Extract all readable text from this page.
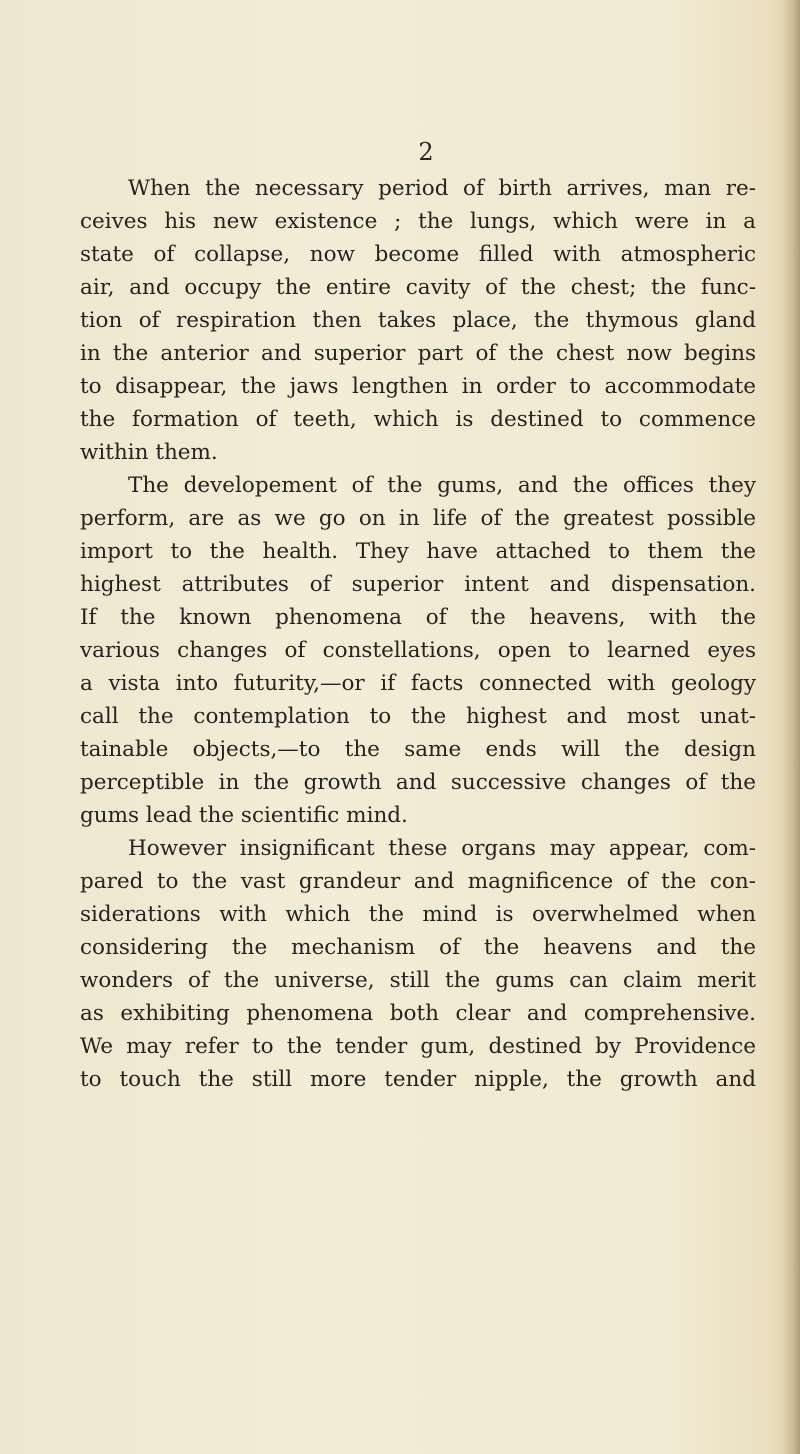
2
When the necessary period of birth arrives, man re-
ceives his new existence ; the lungs, which were in a
state of collapse, now become filled with atmospheric
air, and occupy the entire cavity of the chest; the func-
tion of respiration then takes place, the thymous gland
in the anterior and superior part of the chest now begins
to disappear, the jaws lengthen in order to accommodate
the formation of teeth, which is destined to commence
within them.
The developement of the gums, and the offices they
perform, are as we go on in life of the greatest possible
import to the health. They have attached to them the
highest attributes of superior intent and dispensation.
If the known phenomena of the heavens, with the
various changes of constellations, open to learned eyes
a vista into futurity,—or if facts connected with geology
call the contemplation to the highest and most unat-
tainable objects,—to the same ends will the design
perceptible in the growth and successive changes of the
gums lead the scientific mind.
However insignificant these organs may appear, com-
pared to the vast grandeur and magnificence of the con-
siderations with which the mind is overwhelmed when
considering the mechanism of the heavens and the
wonders of the universe, still the gums can claim merit
as exhibiting phenomena both clear and comprehensive.
We may refer to the tender gum, destined by Providence
to touch the still more tender nipple, the growth and
